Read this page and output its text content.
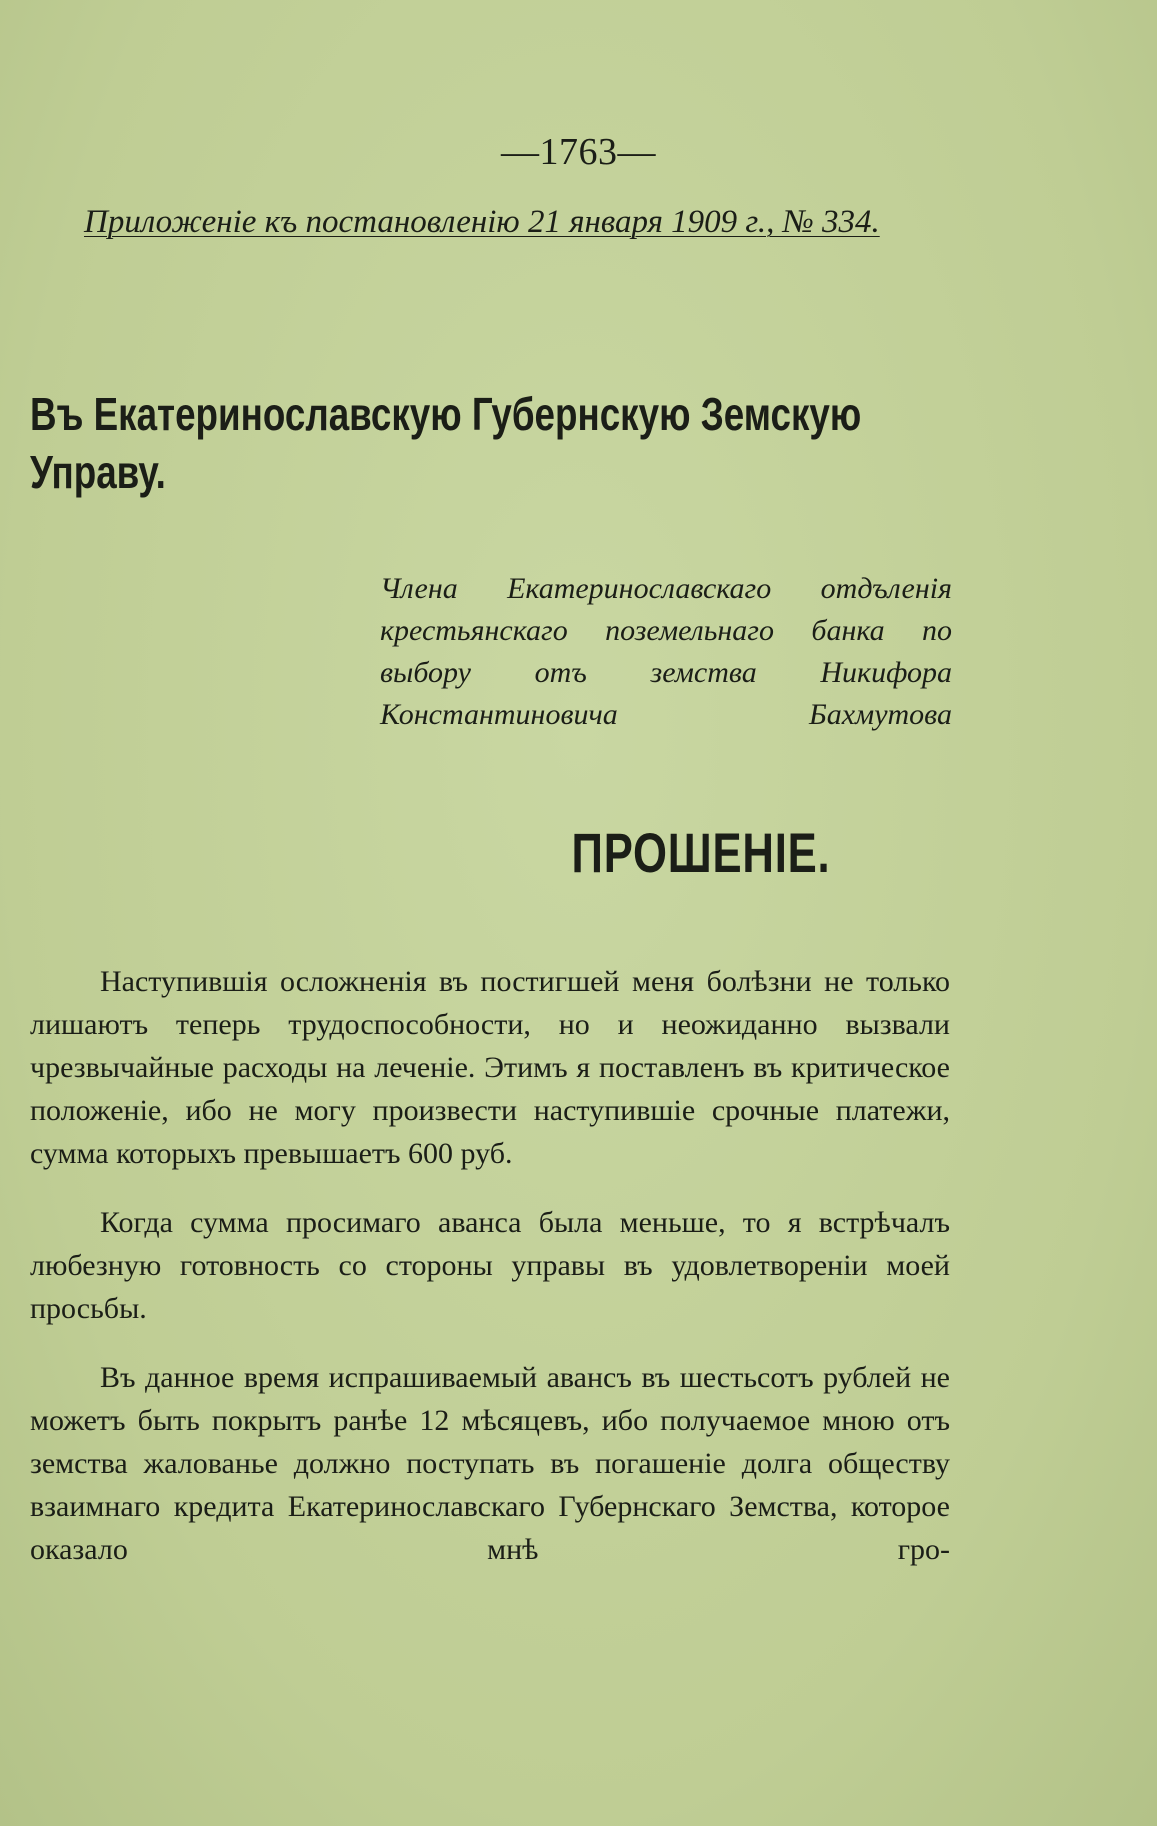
—1763—
Приложеніе къ постановленію 21 января 1909 г., № 334.
Въ Екатеринославскую Губернскую Земскую Управу.
Члена Екатеринославскаго отдъленія крестьянскаго поземельнаго банка по выбору отъ земства Никифора Константиновича Бахмутова
ПРОШЕНІЕ.

Наступившія осложненія въ постигшей меня болѣзни не только лишаютъ теперь трудоспособности, но и неожиданно вызвали чрезвычайные расходы на леченіе. Этимъ я поставленъ въ критическое положеніе, ибо не могу произвести наступившіе срочные платежи, сумма которыхъ превышаетъ 600 руб.

Когда сумма просимаго аванса была меньше, то я встрѣчалъ любезную готовность со стороны управы въ удовлетвореніи моей просьбы.

Въ данное время испрашиваемый авансъ въ шестьсотъ рублей не можетъ быть покрытъ ранѣе 12 мѣсяцевъ, ибо получаемое мною отъ земства жалованье должно поступать въ погашеніе долга обществу взаимнаго кредита Екатеринославскаго Губернскаго Земства, которое оказало мнѣ гро-
